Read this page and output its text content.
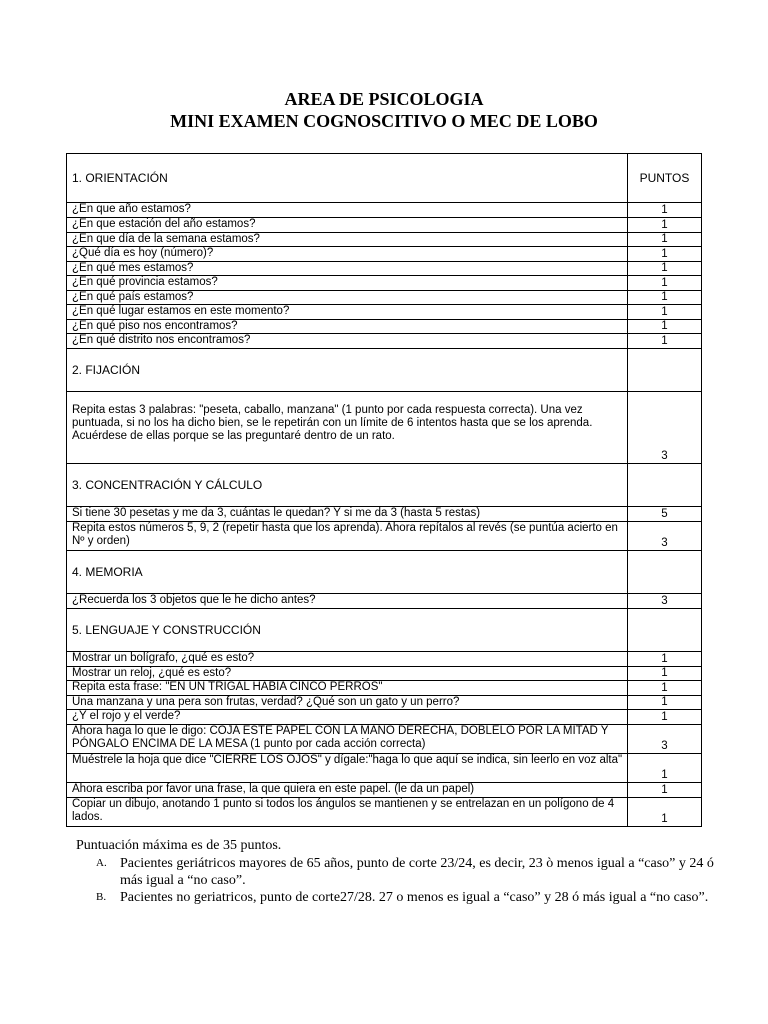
AREA DE PSICOLOGIA
MINI EXAMEN COGNOSCITIVO O MEC DE LOBO
1. ORIENTACIÓN	PUNTOS
¿En que año estamos?	1
¿En que estación del año estamos?	1
¿En que día de la semana estamos?	1
¿Qué día es hoy (número)?	1
¿En qué mes estamos?	1
¿En qué provincia estamos?	1
¿En qué país estamos?	1
¿En qué lugar estamos en este momento?	1
¿En qué piso nos encontramos?	1
¿En qué distrito nos encontramos?	1
2. FIJACIÓN	
Repita estas 3 palabras: "peseta, caballo, manzana" (1 punto por cada respuesta correcta). Una vez puntuada, si no los ha dicho bien, se le repetirán con un límite de 6 intentos hasta que se los aprenda. Acuérdese de ellas porque se las preguntaré dentro de un rato.	3
3. CONCENTRACIÓN Y CÁLCULO	
Si tiene 30 pesetas y me da 3, cuántas le quedan? Y si me da 3 (hasta 5 restas)	5
Repita estos números 5, 9, 2 (repetir hasta que los aprenda). Ahora repítalos al revés (se puntúa acierto en Nº y orden)	3
4. MEMORIA	
¿Recuerda los 3 objetos que le he dicho antes?	3
5. LENGUAJE Y CONSTRUCCIÓN	
Mostrar un bolígrafo, ¿qué es esto?	1
Mostrar un reloj, ¿qué es esto?	1
Repita esta frase: "EN UN TRIGAL HABIA CINCO PERROS"	1
Una manzana y una pera son frutas, verdad? ¿Qué son un gato y un perro?	1
¿Y el rojo y el verde?	1
Ahora haga lo que le digo: COJA ESTE PAPEL CON LA MANO DERECHA, DOBLELO POR LA MITAD Y PÓNGALO ENCIMA DE LA MESA (1 punto por cada acción correcta)	3
Muéstrele la hoja que dice "CIERRE LOS OJOS" y dígale:"haga lo que aquí se indica, sin leerlo en voz alta"	1
Ahora escriba por favor una frase, la que quiera en este papel. (le da un papel)	1
Copiar un dibujo, anotando 1 punto si todos los ángulos se mantienen y se entrelazan en un polígono de 4 lados.	1

Puntuación máxima es de 35 puntos.

A. Pacientes geriátricos mayores de 65 años, punto de corte 23/24, es decir, 23 ò menos igual a “caso” y 24 ó más igual a “no caso”.
B. Pacientes no geriatricos, punto de corte27/28. 27 o menos es igual a “caso” y 28 ó más igual a “no caso”.
